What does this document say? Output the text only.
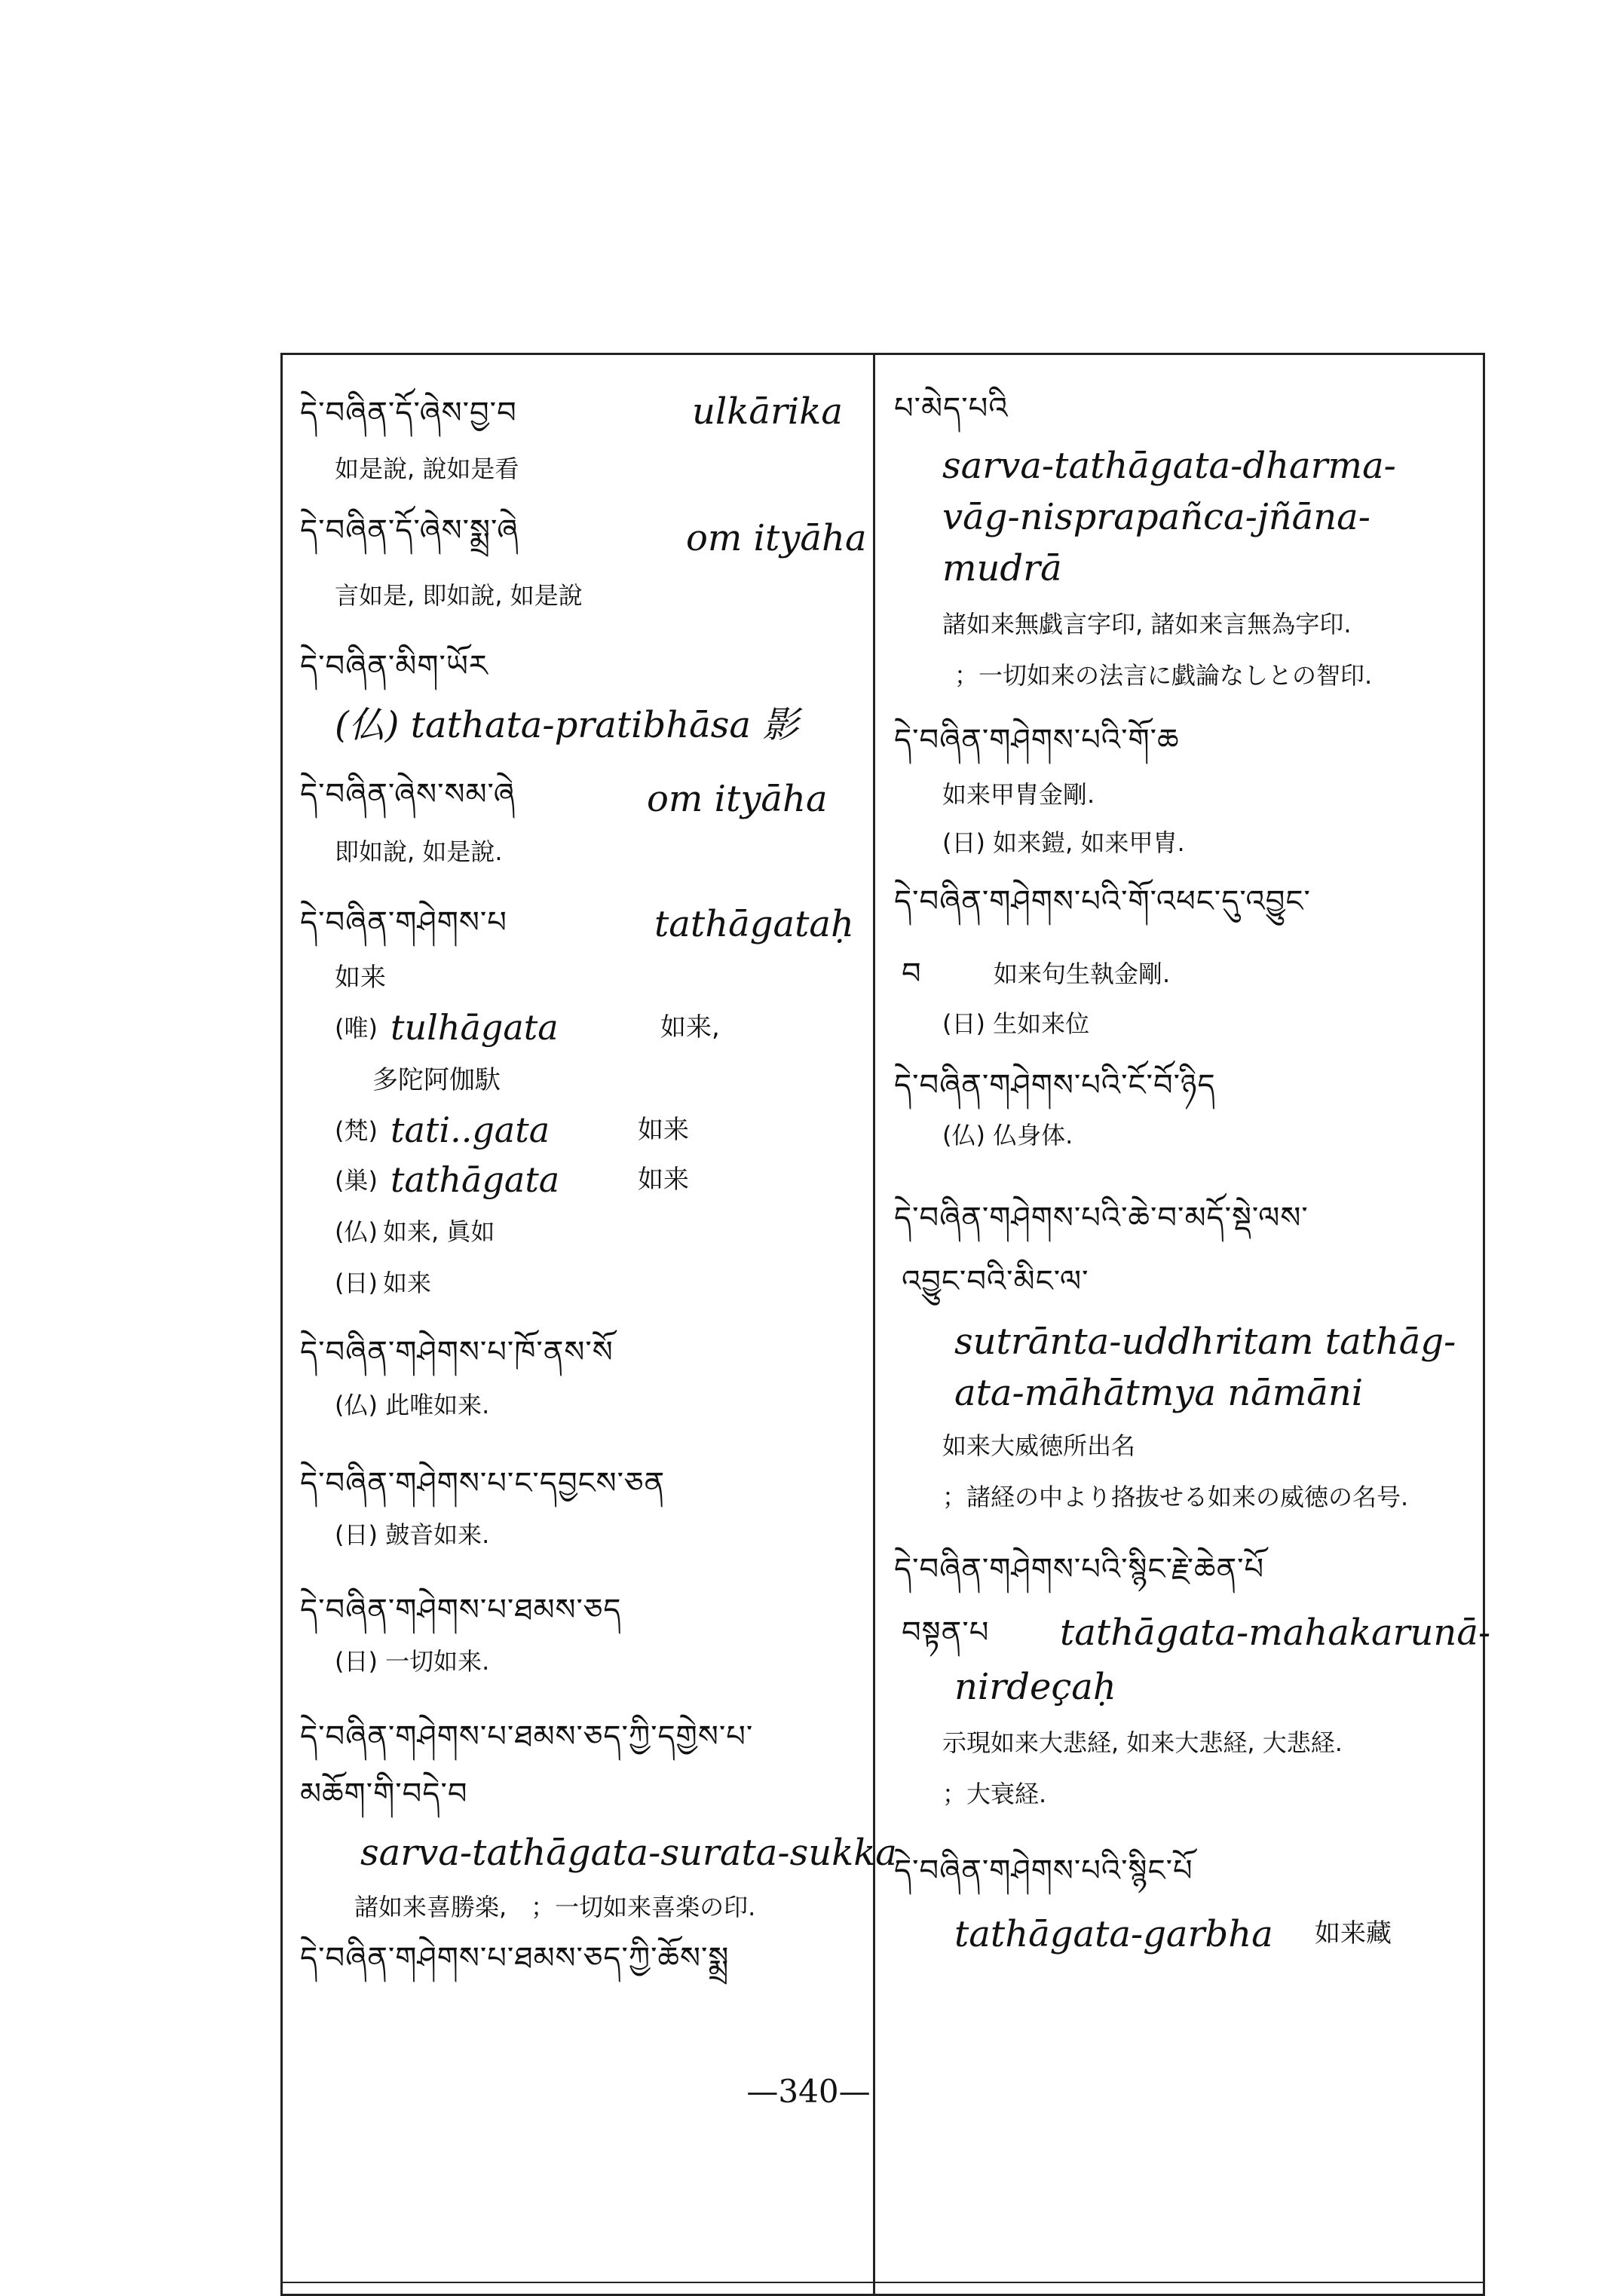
དེ་བཞིན་དོ་ཞེས་བྱ་བ	ulkārika
如是說, 說如是看
དེ་བཞིན་དོ་ཞེས་སྨྲ་ཞེ	om ityāha
言如是, 即如說, 如是說
དེ་བཞིན་མིག་ཡོར
(仏) tathata-pratibhāsa 影
དེ་བཞིན་ཞེས་སམ་ཞེ	om ityāha
即如說, 如是說.
དེ་བཞིན་གཤེགས་པ	tathāgataḥ
如来
(唯) tulhāgata	如来,
多陀阿伽馱
(梵) tati..gata	如来
(巣) tathāgata	如来
(仏) 如来, 眞如
(日) 如来
དེ་བཞིན་གཤེགས་པ་ཁོ་ནས་སོ
(仏) 此唯如来.
དེ་བཞིན་གཤེགས་པ་ང་དབྱངས་ཅན
(日) 皷音如来.
དེ་བཞིན་གཤེགས་པ་ཐམས་ཅད
(日) 一切如来.
དེ་བཞིན་གཤེགས་པ་ཐམས་ཅད་ཀྱི་དགྱེས་པ་
མཆོག་གི་བདེ་བ
sarva-tathāgata-surata-sukka
諸如来喜勝楽,　；一切如来喜楽の印.
དེ་བཞིན་གཤེགས་པ་ཐམས་ཅད་ཀྱི་ཆོས་སྨྲ
པ་མེད་པའི
sarva-tathāgata-dharma-
vāg-nisprapañca-jñāna-
mudrā
諸如来無戯言字印, 諸如来言無為字印.
；一切如来の法言に戯論なしとの智印.
དེ་བཞིན་གཤེགས་པའི་གོ་ཆ
如来甲胄金剛.
(日) 如来鎧, 如来甲胄.
དེ་བཞིན་གཤེགས་པའི་གོ་འཕང་དུ་འབྱུང་
བ	如来句生執金剛.
(日) 生如来位
དེ་བཞིན་གཤེགས་པའི་ངོ་བོ་ཉིད
(仏) 仏身体.
དེ་བཞིན་གཤེགས་པའི་ཆེ་བ་མདོ་སྡེ་ལས་
འབྱུང་བའི་མིང་ལ་
sutrānta-uddhritam tathāg-
ata-māhātmya nāmāni
如来大威徳所出名
；諸経の中より挌抜せる如来の威徳の名号.
དེ་བཞིན་གཤེགས་པའི་སྙིང་རྗེ་ཆེན་པོ
བསྟན་པ tathāgata-mahakarunā-
nirdeçaḥ
示現如来大悲経, 如来大悲経, 大悲経.
；大衰経.
དེ་བཞིན་གཤེགས་པའི་སྙིང་པོ
tathāgata-garbha 如来藏
—340—
